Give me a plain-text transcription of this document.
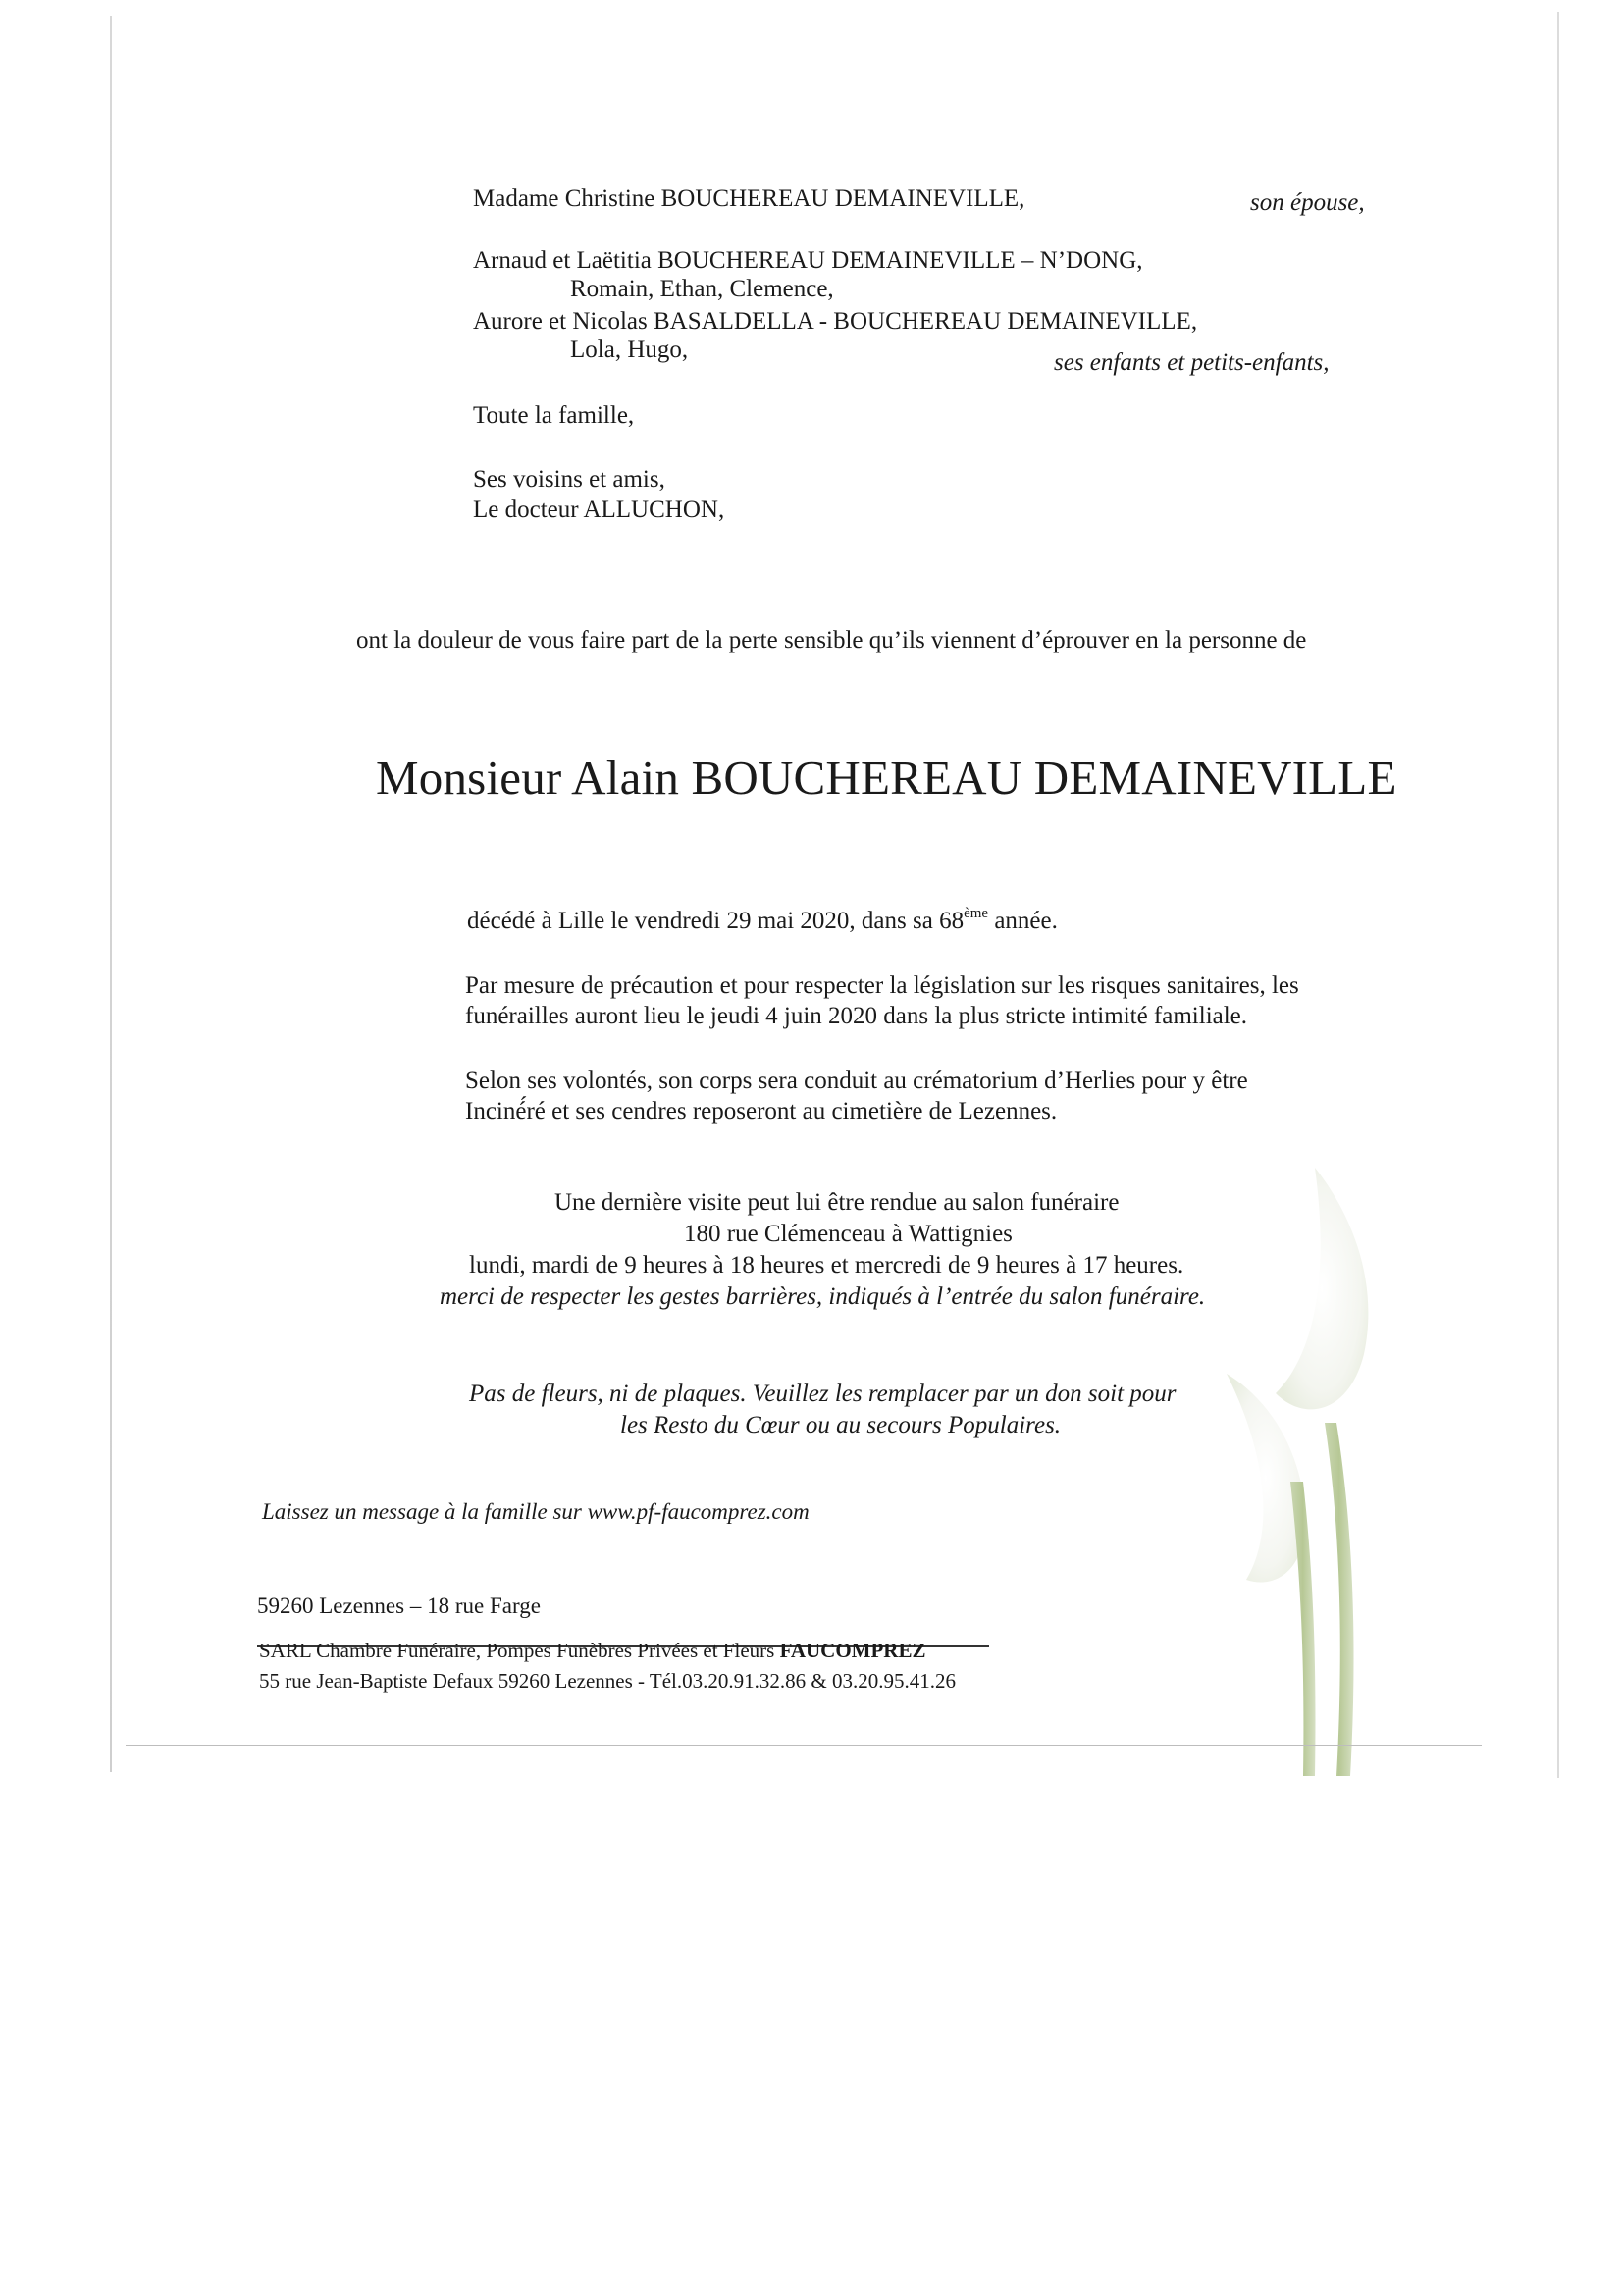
Madame Christine BOUCHEREAU DEMAINEVILLE,	son épouse,
Arnaud et Laëtitia BOUCHEREAU DEMAINEVILLE – N’DONG,
Romain, Ethan, Clemence,
Aurore et Nicolas BASALDELLA - BOUCHEREAU DEMAINEVILLE,
Lola, Hugo,	ses enfants et petits-enfants,
Toute la famille,
Ses voisins et amis,
Le docteur ALLUCHON,
ont la douleur de vous faire part de la perte sensible qu’ils viennent d’éprouver en la personne de
Monsieur Alain BOUCHEREAU DEMAINEVILLE
décédé à Lille le vendredi 29 mai 2020, dans sa 68ème année.
Par mesure de précaution et pour respecter la législation sur les risques sanitaires, les
funérailles auront lieu le jeudi 4 juin 2020 dans la plus stricte intimité familiale.
Selon ses volontés, son corps sera conduit au crématorium d’Herlies pour y être
Inciné́ré et ses cendres reposeront au cimetière de Lezennes.
Une dernière visite peut lui être rendue au salon funéraire
180 rue Clémenceau à Wattignies
lundi, mardi de 9 heures à 18 heures et mercredi de 9 heures à 17 heures.
merci de respecter les gestes barrières, indiqués à l’entrée du salon funéraire.
Pas de fleurs, ni de plaques. Veuillez les remplacer par un don soit pour
les Resto du Cœur ou au secours Populaires.
Laissez un message à la famille sur www.pf-faucomprez.com
59260 Lezennes – 18 rue Farge
SARL Chambre Funéraire, Pompes Funèbres Privées et Fleurs FAUCOMPREZ
55 rue Jean-Baptiste Defaux 59260 Lezennes - Tél.03.20.91.32.86 & 03.20.95.41.26
